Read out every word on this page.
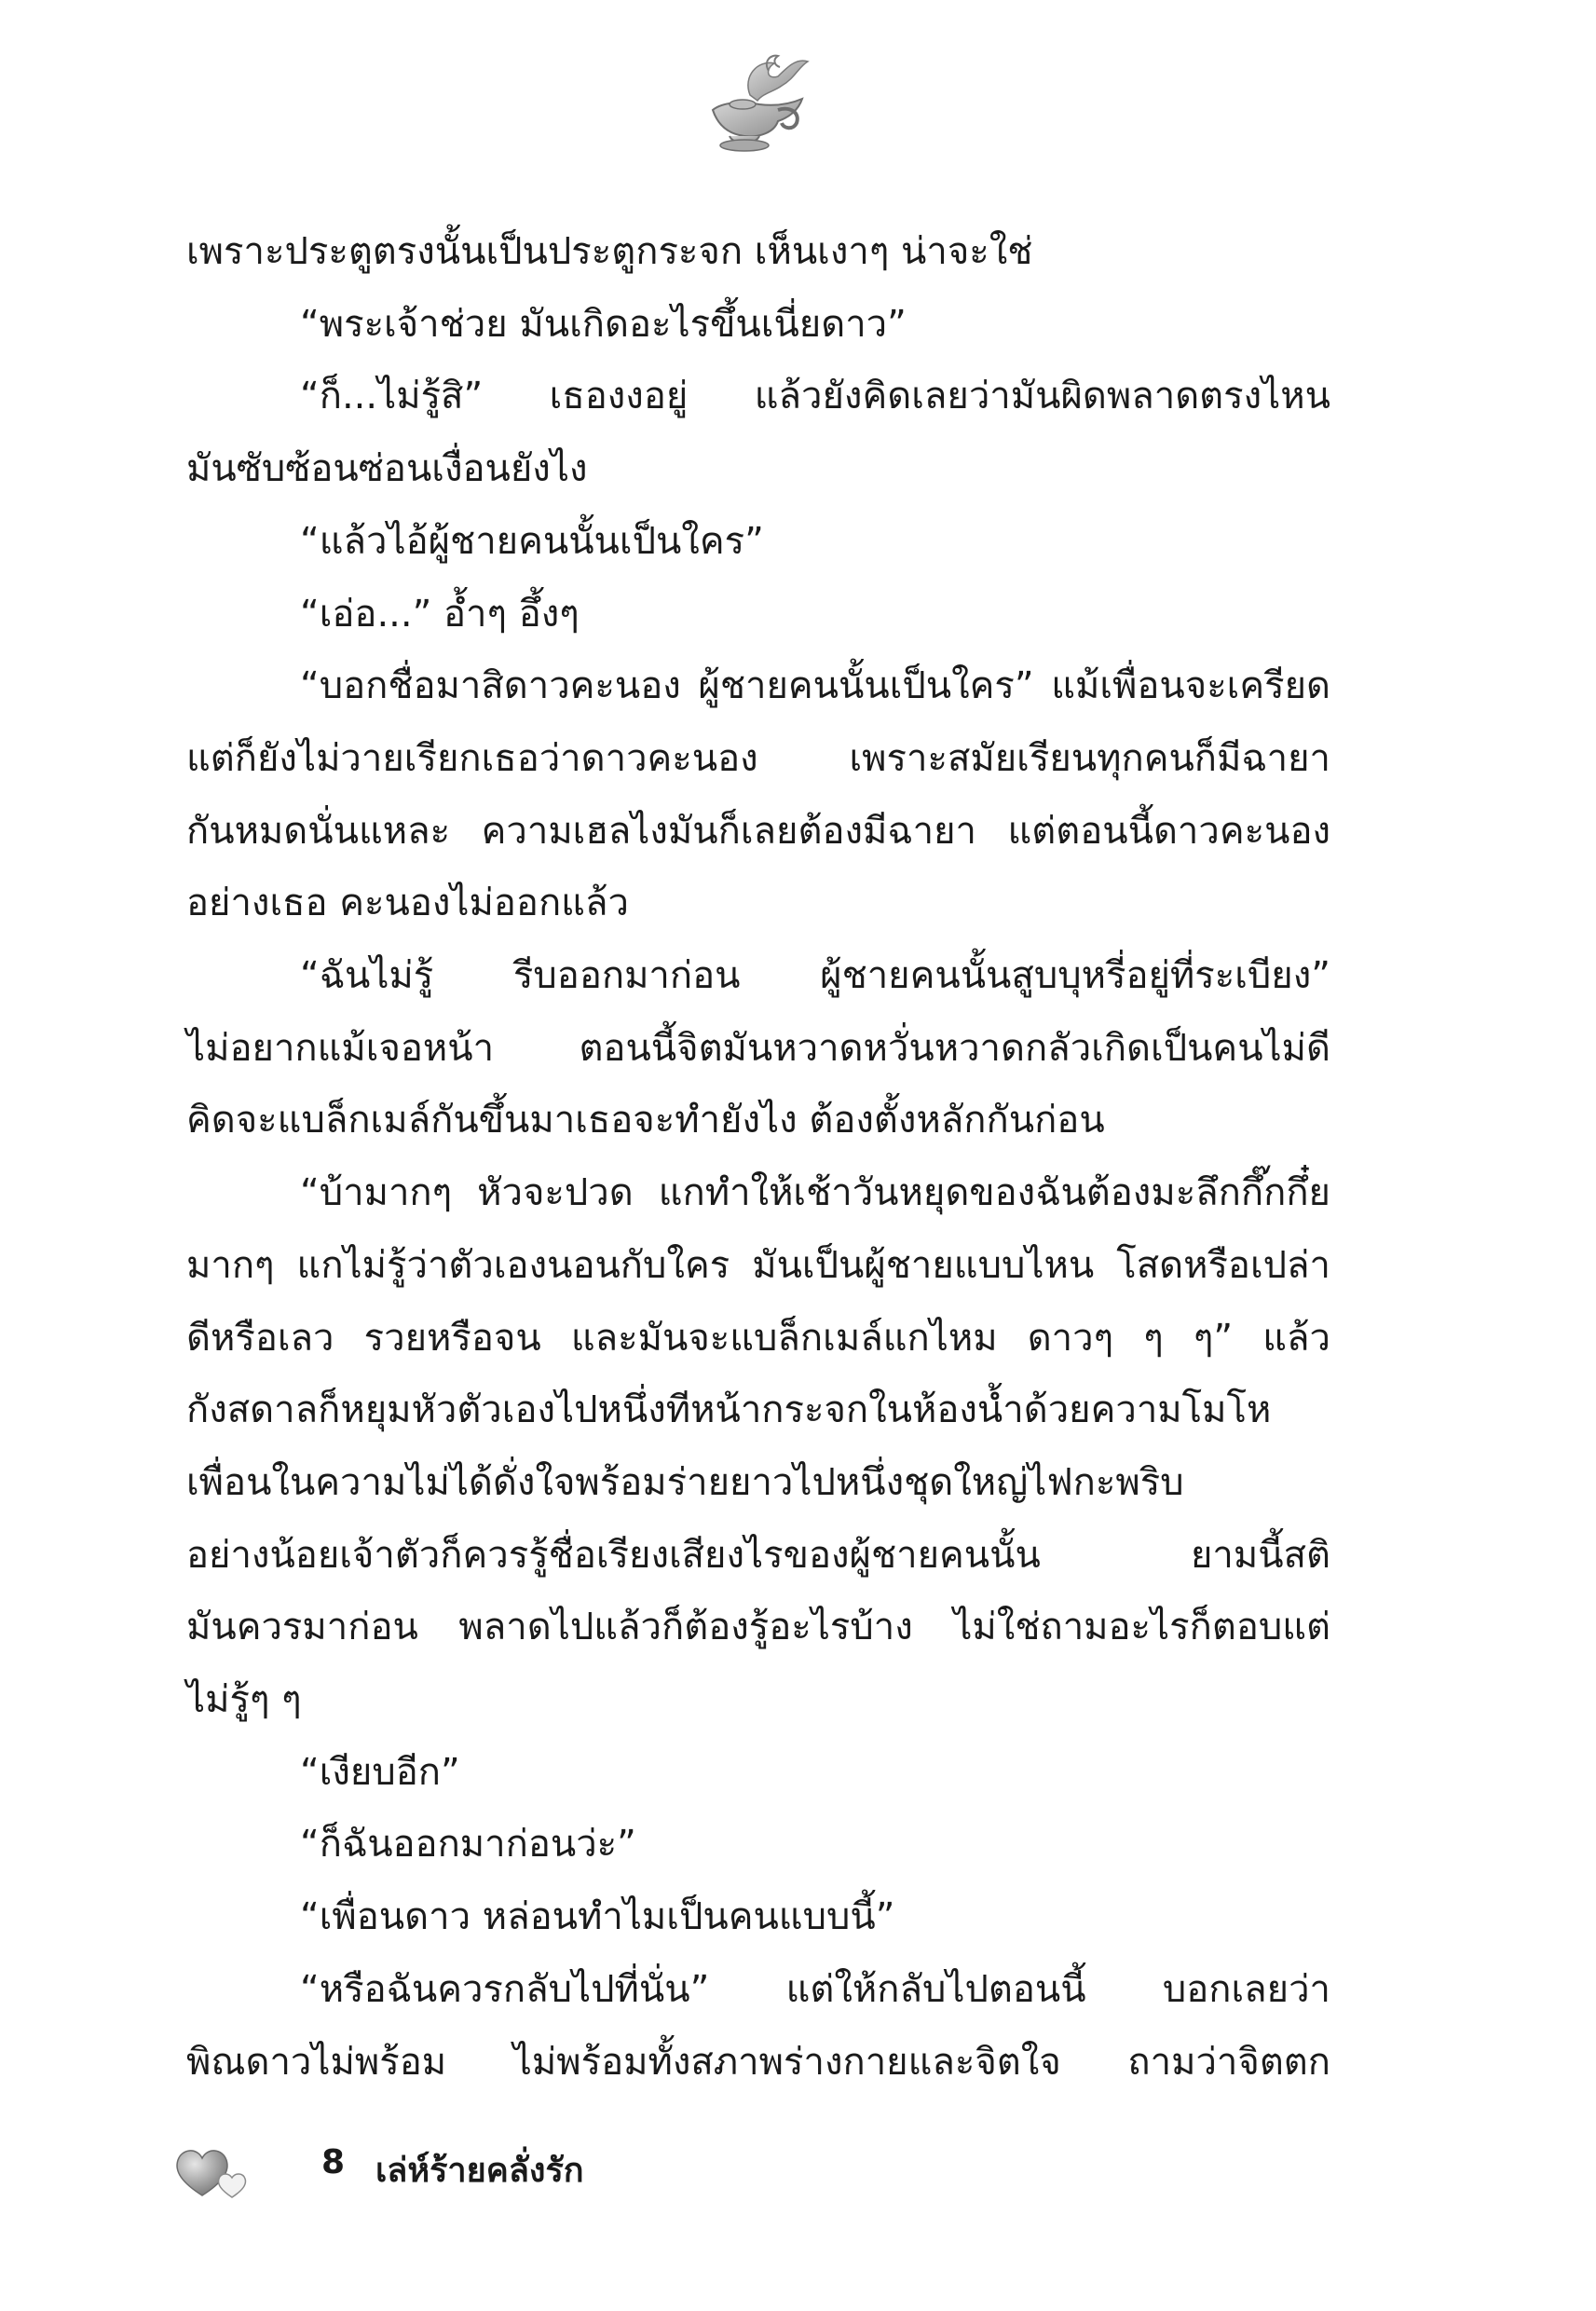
เพราะประตูตรงนั้นเป็นประตูกระจก เห็นเงาๆ น่าจะใช่

“พระเจ้าช่วย มันเกิดอะไรขึ้นเนี่ยดาว”

“ก็...ไม่รู้สิ” เธองงอยู่ แล้วยังคิดเลยว่ามันผิดพลาดตรงไหน
มันซับซ้อนซ่อนเงื่อนยังไง

“แล้วไอ้ผู้ชายคนนั้นเป็นใคร”

“เอ่อ...” อ้ำๆ อึ้งๆ

“บอกชื่อมาสิดาวคะนอง ผู้ชายคนนั้นเป็นใคร” แม้เพื่อนจะเครียด
แต่ก็ยังไม่วายเรียกเธอว่าดาวคะนอง เพราะสมัยเรียนทุกคนก็มีฉายา
กันหมดนั่นแหละ ความเฮลไงมันก็เลยต้องมีฉายา แต่ตอนนี้ดาวคะนอง
อย่างเธอ คะนองไม่ออกแล้ว
“ฉันไม่รู้ รีบออกมาก่อน ผู้ชายคนนั้นสูบบุหรี่อยู่ที่ระเบียง”
ไม่อยากแม้เจอหน้า ตอนนี้จิตมันหวาดหวั่นหวาดกลัวเกิดเป็นคนไม่ดี
คิดจะแบล็กเมล์กันขึ้นมาเธอจะทำยังไง ต้องตั้งหลักกันก่อน
“บ้ามากๆ หัวจะปวด แกทำให้เช้าวันหยุดของฉันต้องมะลึกกึ๊กกึ๋ย
มากๆ แกไม่รู้ว่าตัวเองนอนกับใคร มันเป็นผู้ชายแบบไหน โสดหรือเปล่า
ดีหรือเลว รวยหรือจน และมันจะแบล็กเมล์แกไหม ดาวๆ ๆ ๆ” แล้ว
กังสดาลก็หยุมหัวตัวเองไปหนึ่งทีหน้ากระจกในห้องน้ำด้วยความโมโห
เพื่อนในความไม่ได้ดั่งใจพร้อมร่ายยาวไปหนึ่งชุดใหญ่ไฟกะพริบ
อย่างน้อยเจ้าตัวก็ควรรู้ชื่อเรียงเสียงไรของผู้ชายคนนั้น ยามนี้สติ
มันควรมาก่อน พลาดไปแล้วก็ต้องรู้อะไรบ้าง ไม่ใช่ถามอะไรก็ตอบแต่
ไม่รู้ๆ ๆ

“เงียบอีก”

“ก็ฉันออกมาก่อนว่ะ”

“เพื่อนดาว หล่อนทำไมเป็นคนแบบนี้”

“หรือฉันควรกลับไปที่นั่น” แต่ให้กลับไปตอนนี้ บอกเลยว่า
พิณดาวไม่พร้อม ไม่พร้อมทั้งสภาพร่างกายและจิตใจ ถามว่าจิตตก
8 เล่ห์ร้ายคลั่งรัก
